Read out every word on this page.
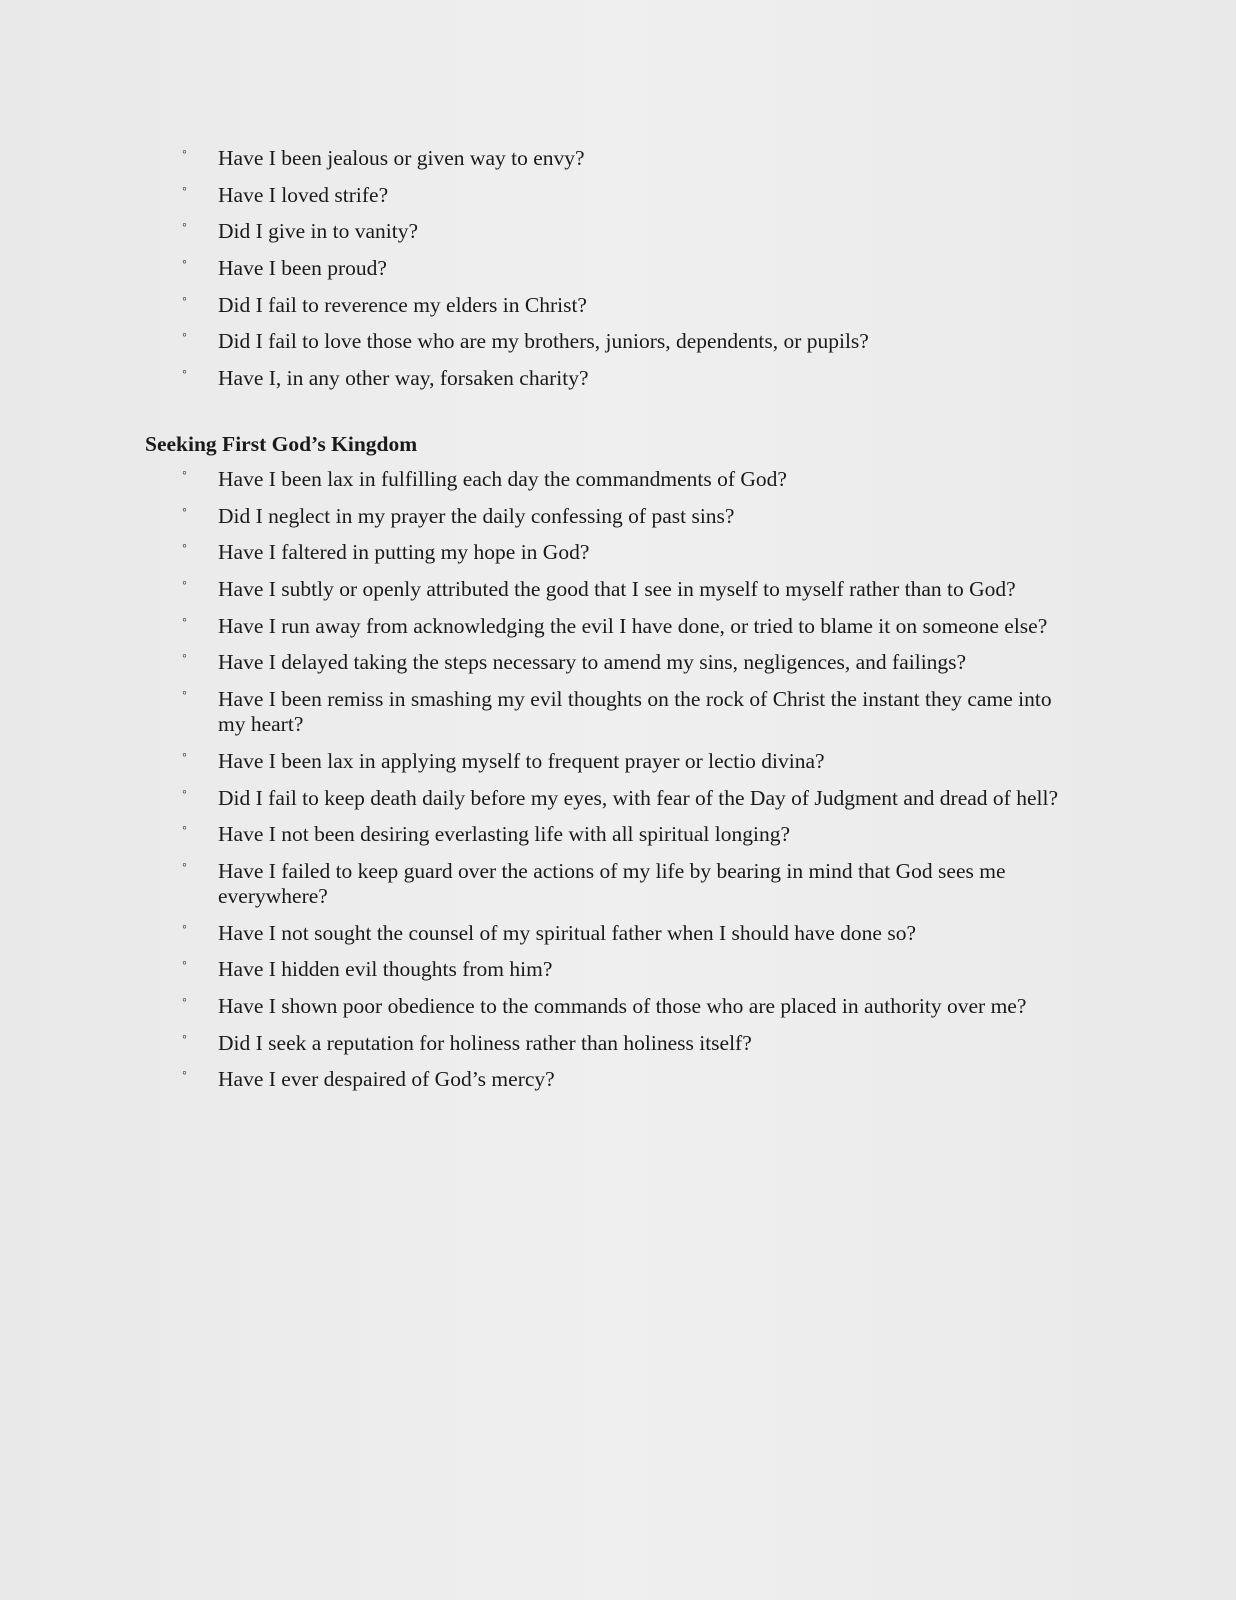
◦ Have I been jealous or given way to envy?
◦ Have I loved strife?
◦ Did I give in to vanity?
◦ Have I been proud?
◦ Did I fail to reverence my elders in Christ?
◦ Did I fail to love those who are my brothers, juniors, dependents, or pupils?
◦ Have I, in any other way, forsaken charity?
Seeking First God’s Kingdom
◦ Have I been lax in fulfilling each day the commandments of God?
◦ Did I neglect in my prayer the daily confessing of past sins?
◦ Have I faltered in putting my hope in God?
◦ Have I subtly or openly attributed the good that I see in myself to myself rather than to God?
◦ Have I run away from acknowledging the evil I have done, or tried to blame it on someone else?
◦ Have I delayed taking the steps necessary to amend my sins, negligences, and failings?
◦ Have I been remiss in smashing my evil thoughts on the rock of Christ the instant they came into my heart?
◦ Have I been lax in applying myself to frequent prayer or lectio divina?
◦ Did I fail to keep death daily before my eyes, with fear of the Day of Judgment and dread of hell?
◦ Have I not been desiring everlasting life with all spiritual longing?
◦ Have I failed to keep guard over the actions of my life by bearing in mind that God sees me everywhere?
◦ Have I not sought the counsel of my spiritual father when I should have done so?
◦ Have I hidden evil thoughts from him?
◦ Have I shown poor obedience to the commands of those who are placed in authority over me?
◦ Did I seek a reputation for holiness rather than holiness itself?
◦ Have I ever despaired of God’s mercy?
